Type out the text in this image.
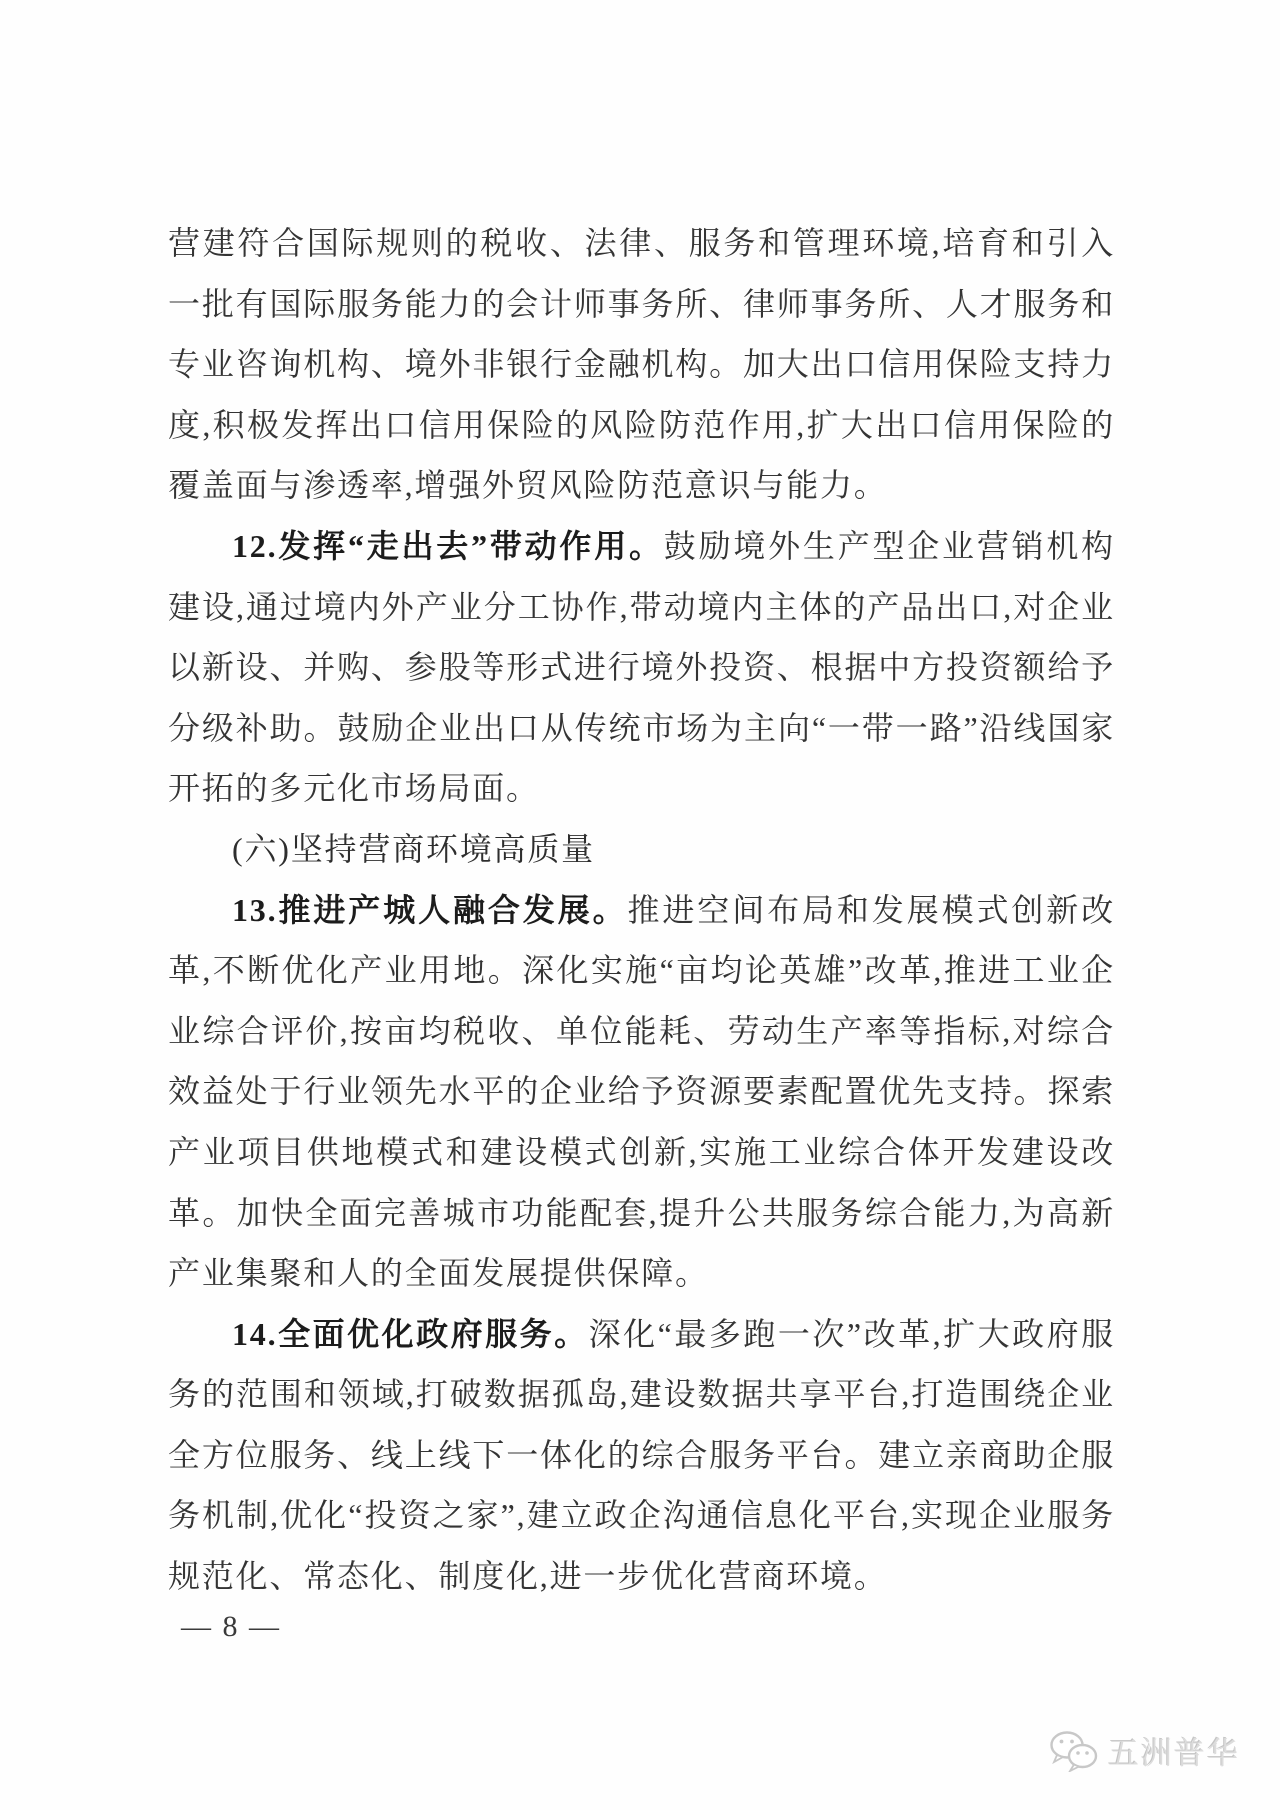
营建符合国际规则的税收、法律、服务和管理环境,培育和引入一批有国际服务能力的会计师事务所、律师事务所、人才服务和专业咨询机构、境外非银行金融机构。加大出口信用保险支持力度,积极发挥出口信用保险的风险防范作用,扩大出口信用保险的覆盖面与渗透率,增强外贸风险防范意识与能力。

12.发挥“走出去”带动作用。鼓励境外生产型企业营销机构建设,通过境内外产业分工协作,带动境内主体的产品出口,对企业以新设、并购、参股等形式进行境外投资、根据中方投资额给予分级补助。鼓励企业出口从传统市场为主向“一带一路”沿线国家开拓的多元化市场局面。

(六)坚持营商环境高质量

13.推进产城人融合发展。推进空间布局和发展模式创新改革,不断优化产业用地。深化实施“亩均论英雄”改革,推进工业企业综合评价,按亩均税收、单位能耗、劳动生产率等指标,对综合效益处于行业领先水平的企业给予资源要素配置优先支持。探索产业项目供地模式和建设模式创新,实施工业综合体开发建设改革。加快全面完善城市功能配套,提升公共服务综合能力,为高新产业集聚和人的全面发展提供保障。

14.全面优化政府服务。深化“最多跑一次”改革,扩大政府服务的范围和领域,打破数据孤岛,建设数据共享平台,打造围绕企业全方位服务、线上线下一体化的综合服务平台。建立亲商助企服务机制,优化“投资之家”,建立政企沟通信息化平台,实现企业服务规范化、常态化、制度化,进一步优化营商环境。

— 8 —
五洲普华
